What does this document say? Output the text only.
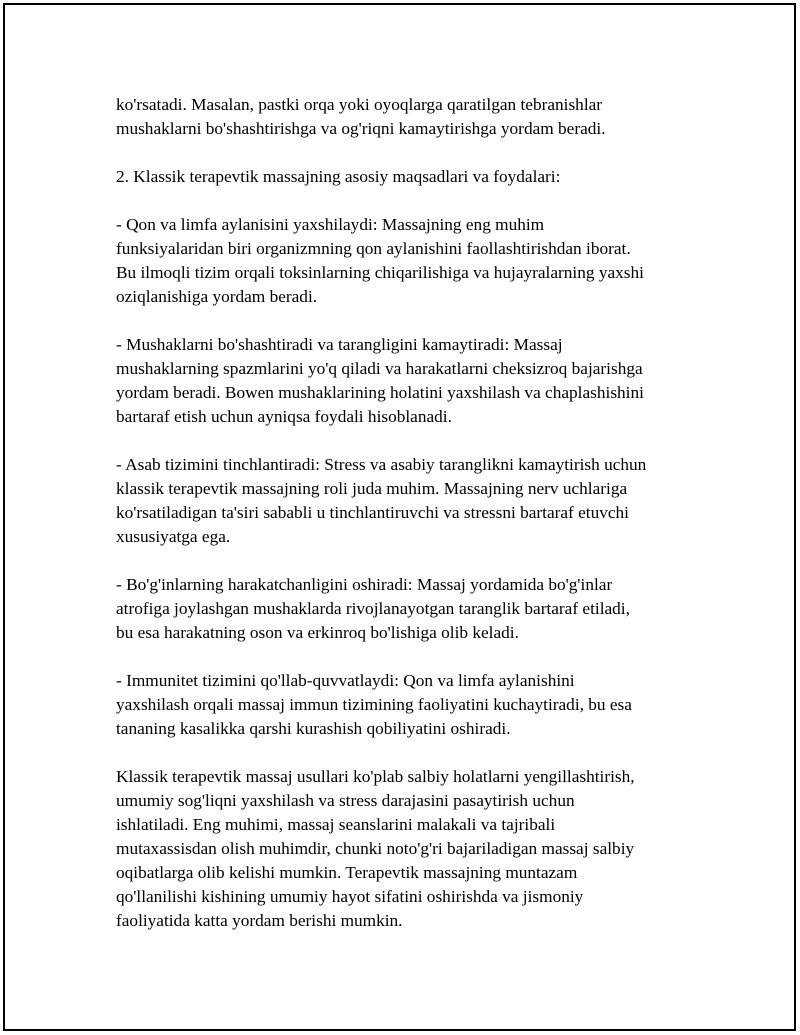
ko'rsatadi. Masalan, pastki orqa yoki oyoqlarga qaratilgan tebranishlar
mushaklarni bo'shashtirishga va og'riqni kamaytirishga yordam beradi.

2. Klassik terapevtik massajning asosiy maqsadlari va foydalari:

- Qon va limfa aylanisini yaxshilaydi: Massajning eng muhim
funksiyalaridan biri organizmning qon aylanishini faollashtirishdan iborat.
Bu ilmoqli tizim orqali toksinlarning chiqarilishiga va hujayralarning yaxshi
oziqlanishiga yordam beradi.

- Mushaklarni bo'shashtiradi va tarangligini kamaytiradi: Massaj
mushaklarning spazmlarini yo'q qiladi va harakatlarni cheksizroq bajarishga
yordam beradi. Bowen mushaklarining holatini yaxshilash va chaplashishini
bartaraf etish uchun ayniqsa foydali hisoblanadi.

- Asab tizimini tinchlantiradi: Stress va asabiy taranglikni kamaytirish uchun
klassik terapevtik massajning roli juda muhim. Massajning nerv uchlariga
ko'rsatiladigan ta'siri sababli u tinchlantiruvchi va stressni bartaraf etuvchi
xususiyatga ega.

- Bo'g'inlarning harakatchanligini oshiradi: Massaj yordamida bo'g'inlar
atrofiga joylashgan mushaklarda rivojlanayotgan taranglik bartaraf etiladi,
bu esa harakatning oson va erkinroq bo'lishiga olib keladi.

- Immunitet tizimini qo'llab-quvvatlaydi: Qon va limfa aylanishini
yaxshilash orqali massaj immun tizimining faoliyatini kuchaytiradi, bu esa
tananing kasalikka qarshi kurashish qobiliyatini oshiradi.

Klassik terapevtik massaj usullari ko'plab salbiy holatlarni yengillashtirish,
umumiy sog'liqni yaxshilash va stress darajasini pasaytirish uchun
ishlatiladi. Eng muhimi, massaj seanslarini malakali va tajribali
mutaxassisdan olish muhimdir, chunki noto'g'ri bajariladigan massaj salbiy
oqibatlarga olib kelishi mumkin. Terapevtik massajning muntazam
qo'llanilishi kishining umumiy hayot sifatini oshirishda va jismoniy
faoliyatida katta yordam berishi mumkin.
